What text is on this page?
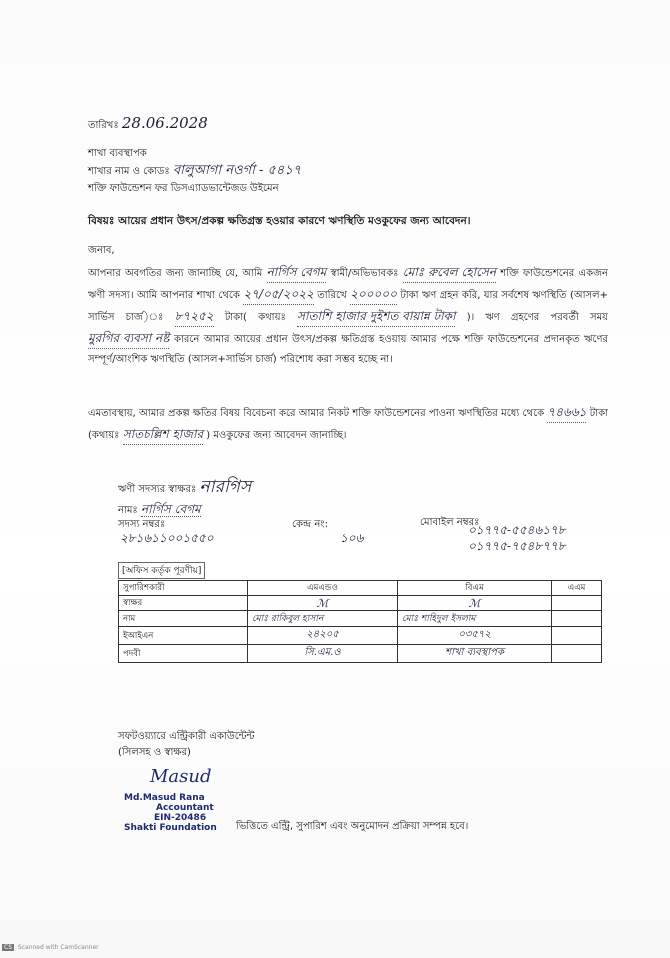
তারিখঃ 28.06.2028
শাখা ব্যবস্থাপক
শাখার নাম ও কোডঃ বালুআগা নওর্গা - ৫৪১৭
শক্তি ফাউন্ডেশন ফর ডিসএ্যাডভান্টেজড উইমেন
বিষয়ঃ আয়ের প্রধান উৎস/প্রকল্প ক্ষতিগ্রস্ত হওয়ার কারণে ঋণস্থিতি মওকুফের জন্য আবেদন।
জনাব,
আপনার অবগতির জন্য জানাচ্ছি যে, আমি নার্গিস বেগম স্বামী/অভিভাবকঃ মোঃ রুবেল হোসেন শক্তি ফাউন্ডেশনের একজন ঋণী সদস্য। আমি আপনার শাখা থেকে ২৭/০৫/২০২২ তারিখে ২০০০০০ টাকা ঋণ গ্রহন করি, যার সর্বশেষ ঋণস্থিতি (আসল+ সার্ভিস চার্জ)ঃ ৮৭২৫২ টাকা( কথায়ঃ সাতাশি হাজার দুইশত বায়ান্ন টাকা )। ঋণ গ্রহণের পরবর্তী সময় মুরগির ব্যবসা নষ্ট কারনে আমার আয়ের প্রধান উৎস/প্রকল্প ক্ষতিগ্রস্ত হওয়ায় আমার পক্ষে শক্তি ফাউন্ডেশনের প্রদানকৃত ঋণের সম্পূর্ণ/আংশিক ঋণস্থিতি (আসল+সার্ভিস চার্জ) পরিশোধ করা সম্ভব হচ্ছে না।
এমতাবস্থায়, আমার প্রকল্প ক্ষতির বিষয় বিবেচনা করে আমার নিকট শক্তি ফাউন্ডেশনের পাওনা ঋণস্থিতির মধ্যে থেকে ৭৪৬৬১ টাকা (কথায়ঃ সাতচল্লিশ হাজার ) মওকুফের জন্য আবেদন জানাচ্ছি।
ঋণী সদস্যর স্বাক্ষরঃ নারগিস
নামঃ নার্গিস বেগম
সদস্য নম্বরঃ
২৮১৬১১০০১৫৫০
কেন্দ্র নং:
১০৬
মোবাইল নম্বরঃ
০১৭৭৫-৫৫৪৬১৭৮
০১৭৭৫-৭৫৪৮৭৭৮
[অফিস কর্তৃক পূরণীয়]
সুপারিশকারী	এমএন্ডও	বিএম	এএম
স্বাক্ষর	ℳ	ℳ	
নাম	মোঃ রাকিবুল হাসান	মোঃ শাহিদুল ইসলাম	
ইআইএন	২৪২০৫	০৩৫৭২	
পদবী	সি.এম.ও	শাখা ব্যবস্থাপক	
সফটওয়্যারে এন্ট্রিকারী একাউন্টেন্ট
(সিলসহ ও স্বাক্ষর)
Masud
Md.Masud Rana
Accountant
EIN-20486
Shakti Foundation ভিত্তিতে এন্ট্রি, সুপারিশ এবং অনুমোদন প্রক্রিয়া সম্পন্ন হবে।
CS Scanned with CamScanner
